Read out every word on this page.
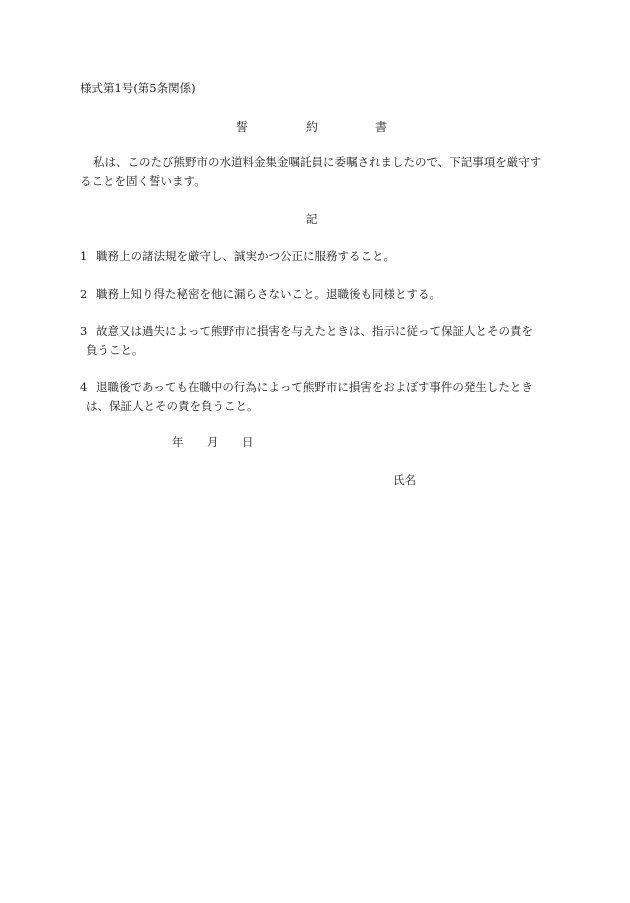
様式第1号(第5条関係)
誓	約	書
私は、このたび熊野市の水道料金集金嘱託員に委嘱されましたので、下記事項を厳守す
ることを固く誓います。
記
1 職務上の諸法規を厳守し、誠実かつ公正に服務すること。
2 職務上知り得た秘密を他に漏らさないこと。退職後も同様とする。
3 故意又は過失によって熊野市に損害を与えたときは、指示に従って保証人とその責を
負うこと。
4 退職後であっても在職中の行為によって熊野市に損害をおよぼす事件の発生したとき
は、保証人とその責を負うこと。
年 月 日
氏名
